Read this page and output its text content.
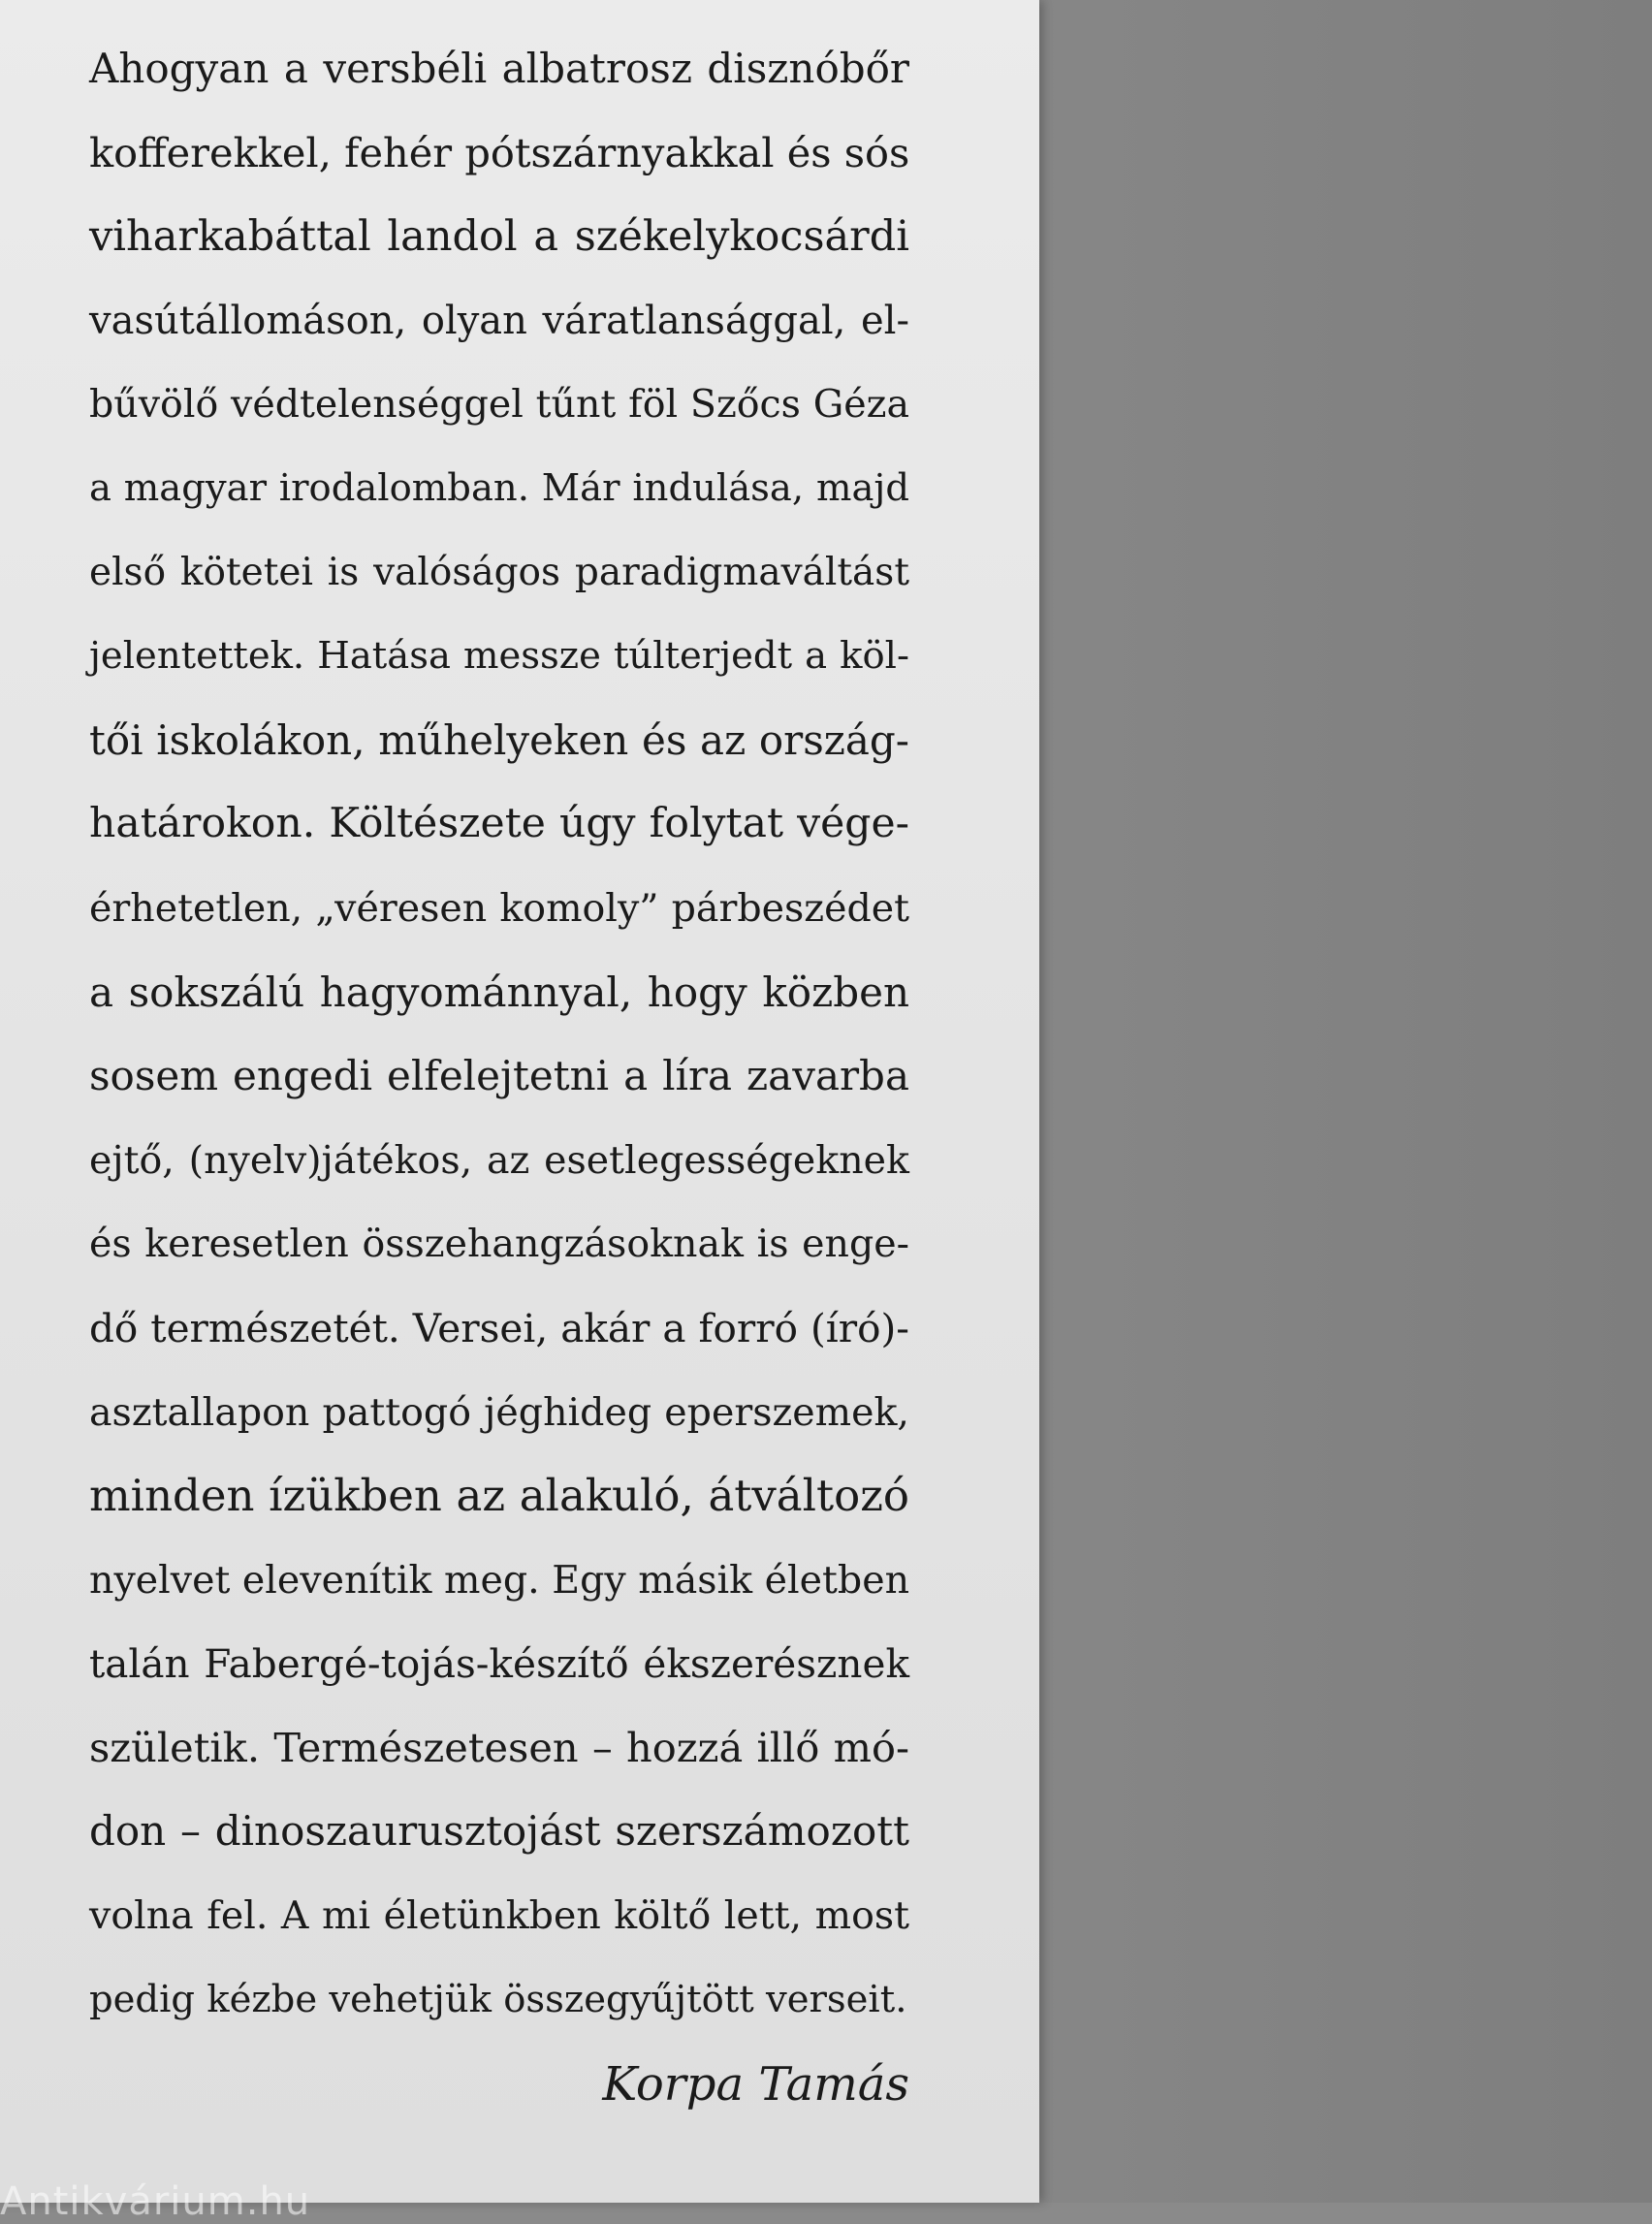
Ahogyan a versbéli albatrosz disznóbőr
kofferekkel, fehér pótszárnyakkal és sós
viharkabáttal landol a székelykocsárdi
vasútállomáson, olyan váratlansággal, el-
bűvölő védtelenséggel tűnt föl Szőcs Géza
a magyar irodalomban. Már indulása, majd
első kötetei is valóságos paradigmaváltást
jelentettek. Hatása messze túlterjedt a köl-
tői iskolákon, műhelyeken és az ország-
határokon. Költészete úgy folytat vége-
érhetetlen, „véresen komoly” párbeszédet
a sokszálú hagyománnyal, hogy közben
sosem engedi elfelejtetni a líra zavarba
ejtő, (nyelv)játékos, az esetlegességeknek
és keresetlen összehangzásoknak is enge-
dő természetét. Versei, akár a forró (író)-
asztallapon pattogó jéghideg eperszemek,
minden ízükben az alakuló, átváltozó
nyelvet elevenítik meg. Egy másik életben
talán Fabergé-tojás-készítő ékszerésznek
születik. Természetesen – hozzá illő mó-
don – dinoszaurusztojást szerszámozott
volna fel. A mi életünkben költő lett, most
pedig kézbe vehetjük összegyűjtött verseit.
Korpa Tamás
Antikvárium.hu
